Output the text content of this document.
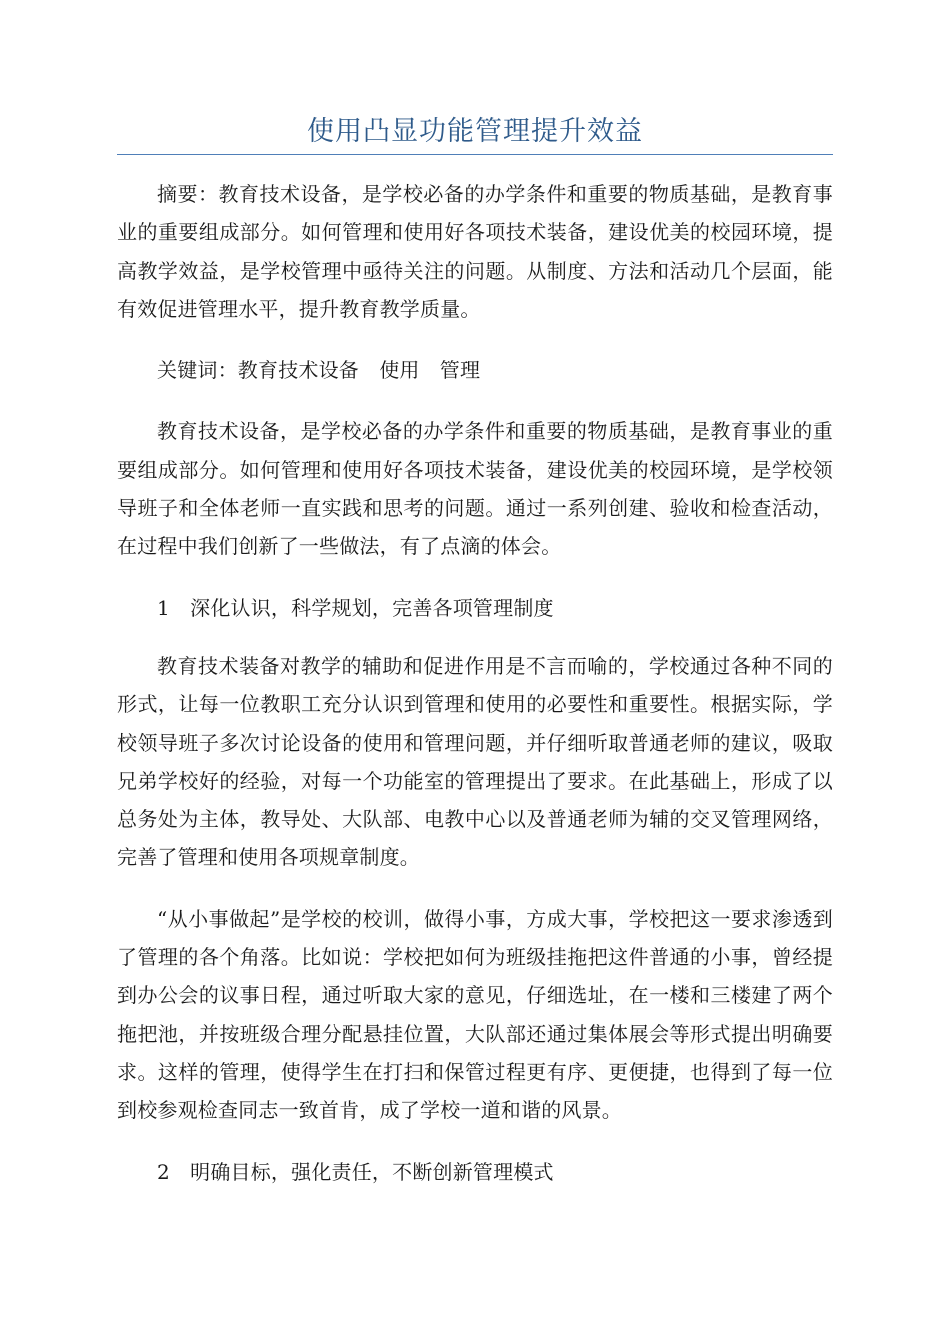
使用凸显功能管理提升效益

摘要：教育技术设备，是学校必备的办学条件和重要的物质基础，是教育事业的重要组成部分。如何管理和使用好各项技术装备，建设优美的校园环境，提高教学效益，是学校管理中亟待关注的问题。从制度、方法和活动几个层面，能有效促进管理水平，提升教育教学质量。

关键词：教育技术设备　使用　管理

教育技术设备，是学校必备的办学条件和重要的物质基础，是教育事业的重要组成部分。如何管理和使用好各项技术装备，建设优美的校园环境，是学校领导班子和全体老师一直实践和思考的问题。通过一系列创建、验收和检查活动，在过程中我们创新了一些做法，有了点滴的体会。

1　深化认识，科学规划，完善各项管理制度

教育技术装备对教学的辅助和促进作用是不言而喻的，学校通过各种不同的形式，让每一位教职工充分认识到管理和使用的必要性和重要性。根据实际，学校领导班子多次讨论设备的使用和管理问题，并仔细听取普通老师的建议，吸取兄弟学校好的经验，对每一个功能室的管理提出了要求。在此基础上，形成了以总务处为主体，教导处、大队部、电教中心以及普通老师为辅的交叉管理网络，完善了管理和使用各项规章制度。

“从小事做起”是学校的校训，做得小事，方成大事，学校把这一要求渗透到了管理的各个角落。比如说：学校把如何为班级挂拖把这件普通的小事，曾经提到办公会的议事日程，通过听取大家的意见，仔细选址，在一楼和三楼建了两个拖把池，并按班级合理分配悬挂位置，大队部还通过集体展会等形式提出明确要求。这样的管理，使得学生在打扫和保管过程更有序、更便捷，也得到了每一位到校参观检查同志一致首肯，成了学校一道和谐的风景。

2　明确目标，强化责任，不断创新管理模式
